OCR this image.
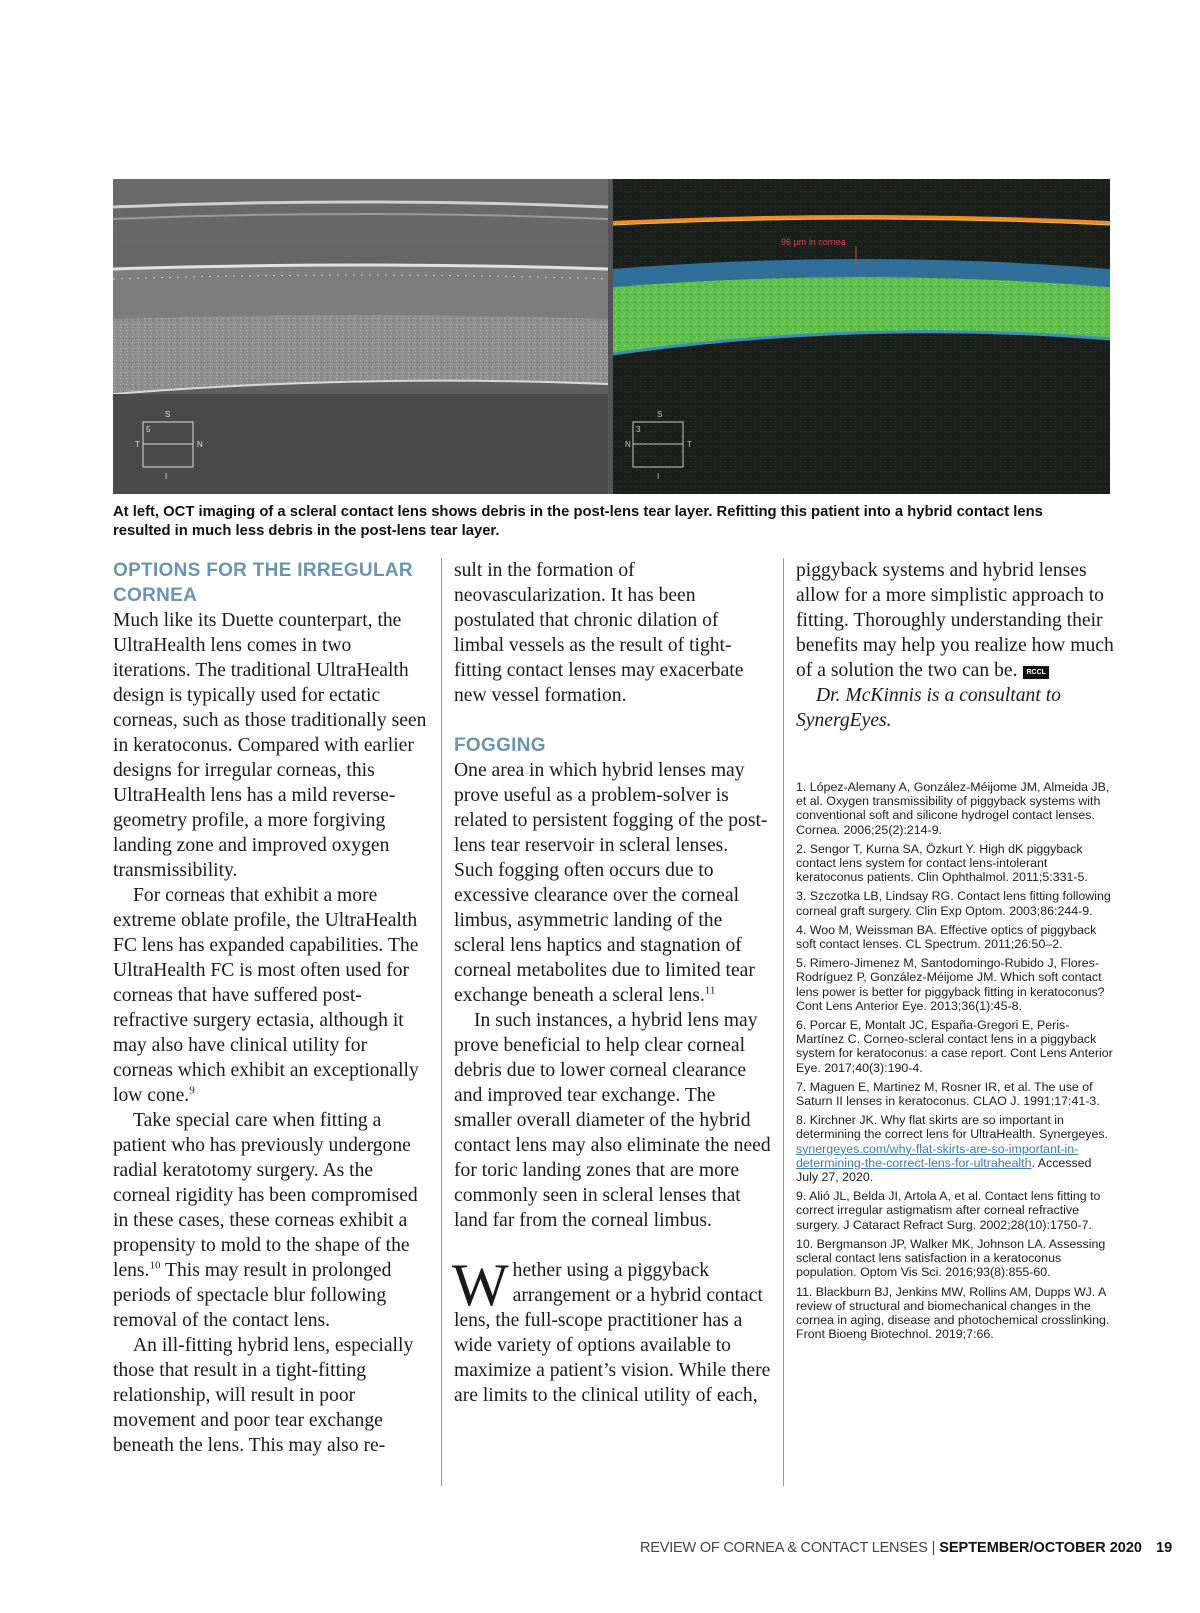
S
I
T	N
5
96 µm in cornea
S
I
N	T
3
At left, OCT imaging of a scleral contact lens shows debris in the post-lens tear layer. Refitting this patient into a hybrid contact lens resulted in much less debris in the post-lens tear layer.
OPTIONS FOR THE IRREGULAR CORNEA

Much like its Duette counterpart, the UltraHealth lens comes in two iterations. The traditional UltraHealth design is typically used for ectatic corneas, such as those traditionally seen in keratoconus. Compared with earlier designs for irregular corneas, this UltraHealth lens has a mild reverse-geometry profile, a more forgiving landing zone and improved oxygen transmissibility.

For corneas that exhibit a more extreme oblate profile, the UltraHealth FC lens has expanded capabilities. The UltraHealth FC is most often used for corneas that have suffered post-refractive surgery ectasia, although it may also have clinical utility for corneas which exhibit an exceptionally low cone.$^9$

Take special care when fitting a patient who has previously undergone radial keratotomy surgery. As the corneal rigidity has been compromised in these cases, these corneas exhibit a propensity to mold to the shape of the lens.$^{10}$ This may result in prolonged periods of spectacle blur following removal of the contact lens.

An ill-fitting hybrid lens, especially those that result in a tight-fitting relationship, will result in poor movement and poor tear exchange beneath the lens. This may also re-

sult in the formation of neovascularization. It has been postulated that chronic dilation of limbal vessels as the result of tight-fitting contact lenses may exacerbate new vessel formation.

FOGGING

One area in which hybrid lenses may prove useful as a problem-solver is related to persistent fogging of the post-lens tear reservoir in scleral lenses. Such fogging often occurs due to excessive clearance over the corneal limbus, asymmetric landing of the scleral lens haptics and stagnation of corneal metabolites due to limited tear exchange beneath a scleral lens.$^{11}$

In such instances, a hybrid lens may prove beneficial to help clear corneal debris due to lower corneal clearance and improved tear exchange. The smaller overall diameter of the hybrid contact lens may also eliminate the need for toric landing zones that are more commonly seen in scleral lenses that land far from the corneal limbus.

Whether using a piggyback arrangement or a hybrid contact lens, the full-scope practitioner has a wide variety of options available to maximize a patient’s vision. While there are limits to the clinical utility of each,

piggyback systems and hybrid lenses allow for a more simplistic approach to fitting. Thoroughly understanding their benefits may help you realize how much of a solution the two can be. RCCL

Dr. McKinnis is a consultant to SynergEyes.

1. López-Alemany A, González-Méijome JM, Almeida JB, et al. Oxygen transmissibility of piggyback systems with conventional soft and silicone hydrogel contact lenses. Cornea. 2006;25(2):214-9.

2. Sengor T, Kurna SA, Özkurt Y. High dK piggyback contact lens system for contact lens-intolerant keratoconus patients. Clin Ophthalmol. 2011;5:331-5.

3. Szczotka LB, Lindsay RG. Contact lens fitting following corneal graft surgery. Clin Exp Optom. 2003;86:244-9.

4. Woo M, Weissman BA. Effective optics of piggyback soft contact lenses. CL Spectrum. 2011;26:50–2.

5. Rimero-Jimenez M, Santodomingo-Rubido J, Flores-Rodríguez P, González-Méijome JM. Which soft contact lens power is better for piggyback fitting in keratoconus? Cont Lens Anterior Eye. 2013;36(1):45-8.

6. Porcar E, Montalt JC, España-Gregori E, Peris-Martínez C. Corneo-scleral contact lens in a piggyback system for keratoconus: a case report. Cont Lens Anterior Eye. 2017;40(3):190-4.

7. Maguen E, Martinez M, Rosner IR, et al. The use of Saturn II lenses in keratoconus. CLAO J. 1991;17:41-3.

8. Kirchner JK. Why flat skirts are so important in determining the correct lens for UltraHealth. Synergeyes. synergeyes.com/why-flat-skirts-are-so-important-in-determining-the-correct-lens-for-ultrahealth. Accessed July 27, 2020.

9. Alió JL, Belda JI, Artola A, et al. Contact lens fitting to correct irregular astigmatism after corneal refractive surgery. J Cataract Refract Surg. 2002;28(10):1750-7.

10. Bergmanson JP, Walker MK, Johnson LA. Assessing scleral contact lens satisfaction in a keratoconus population. Optom Vis Sci. 2016;93(8):855-60.

11. Blackburn BJ, Jenkins MW, Rollins AM, Dupps WJ. A review of structural and biomechanical changes in the cornea in aging, disease and photochemical crosslinking. Front Bioeng Biotechnol. 2019;7:66.

REVIEW OF CORNEA & CONTACT LENSES | SEPTEMBER/OCTOBER 2020 19
